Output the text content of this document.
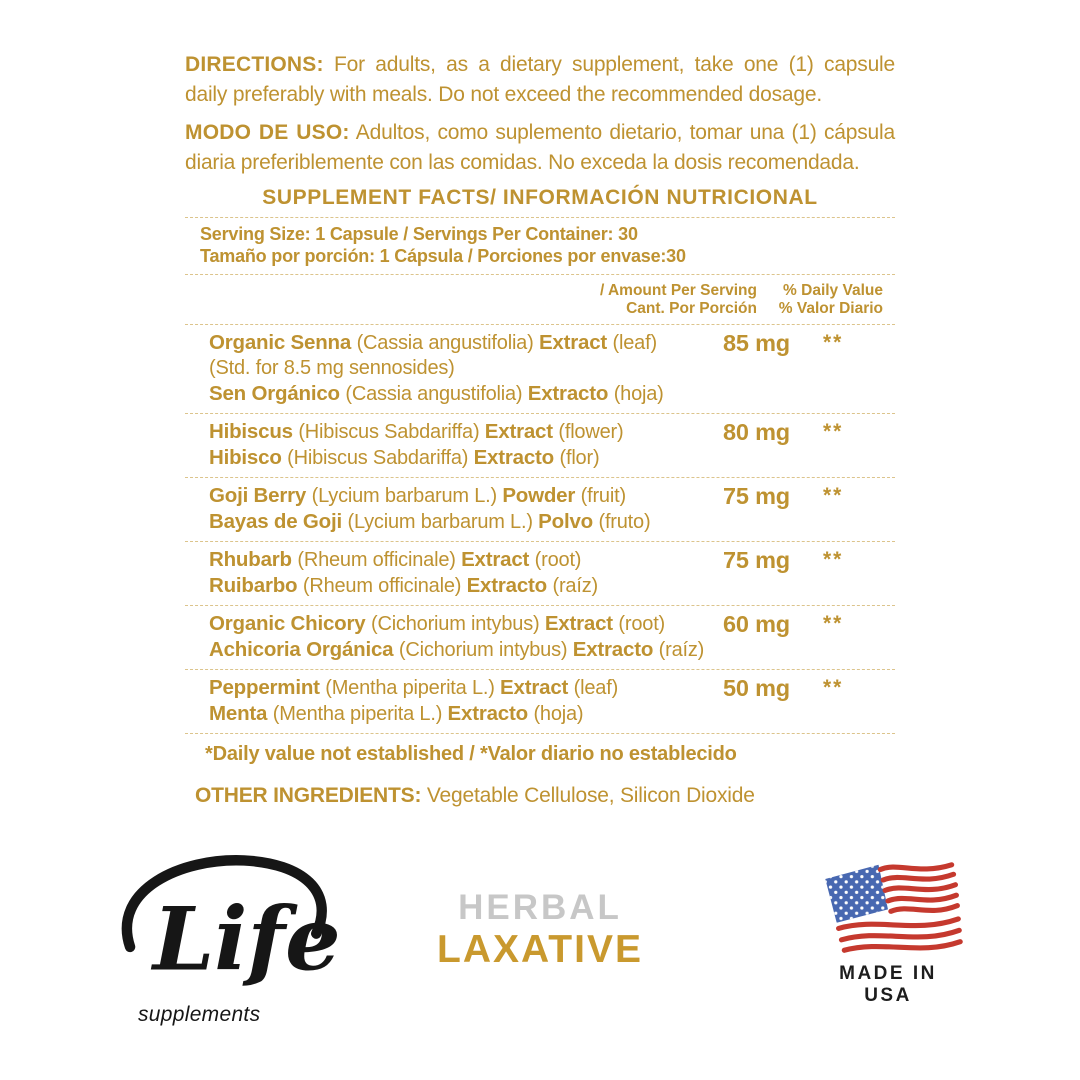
DIRECTIONS: For adults, as a dietary supplement, take one (1) capsule daily preferably with meals. Do not exceed the recommended dosage.

MODO DE USO: Adultos, como suplemento dietario, tomar una (1) cápsula diaria preferiblemente con las comidas. No exceda la dosis recomendada.

SUPPLEMENT FACTS/ INFORMACIÓN NUTRICIONAL
Serving Size: 1 Capsule / Servings Per Container: 30
Tamaño por porción: 1 Cápsula / Porciones por envase:30
/ Amount Per Serving	% Daily Value
Cant. Por Porción	% Valor Diario
Organic Senna (Cassia angustifolia) Extract (leaf)
(Std. for 8.5 mg sennosides)
Sen Orgánico (Cassia angustifolia) Extracto (hoja)
85 mg	**
Hibiscus (Hibiscus Sabdariffa) Extract (flower)
Hibisco (Hibiscus Sabdariffa) Extracto (flor)
80 mg	**
Goji Berry (Lycium barbarum L.) Powder (fruit)
Bayas de Goji (Lycium barbarum L.) Polvo (fruto)
75 mg	**
Rhubarb (Rheum officinale) Extract (root)
Ruibarbo (Rheum officinale) Extracto (raíz)
75 mg	**
Organic Chicory (Cichorium intybus) Extract (root)
Achicoria Orgánica (Cichorium intybus) Extracto (raíz)
60 mg	**
Peppermint (Mentha piperita L.) Extract (leaf)
Menta (Mentha piperita L.) Extracto (hoja)
50 mg	**
*Daily value not established / *Valor diario no establecido
OTHER INGREDIENTS: Vegetable Cellulose, Silicon Dioxide
Life
supplements
HERBAL
LAXATIVE
MADE IN USA
